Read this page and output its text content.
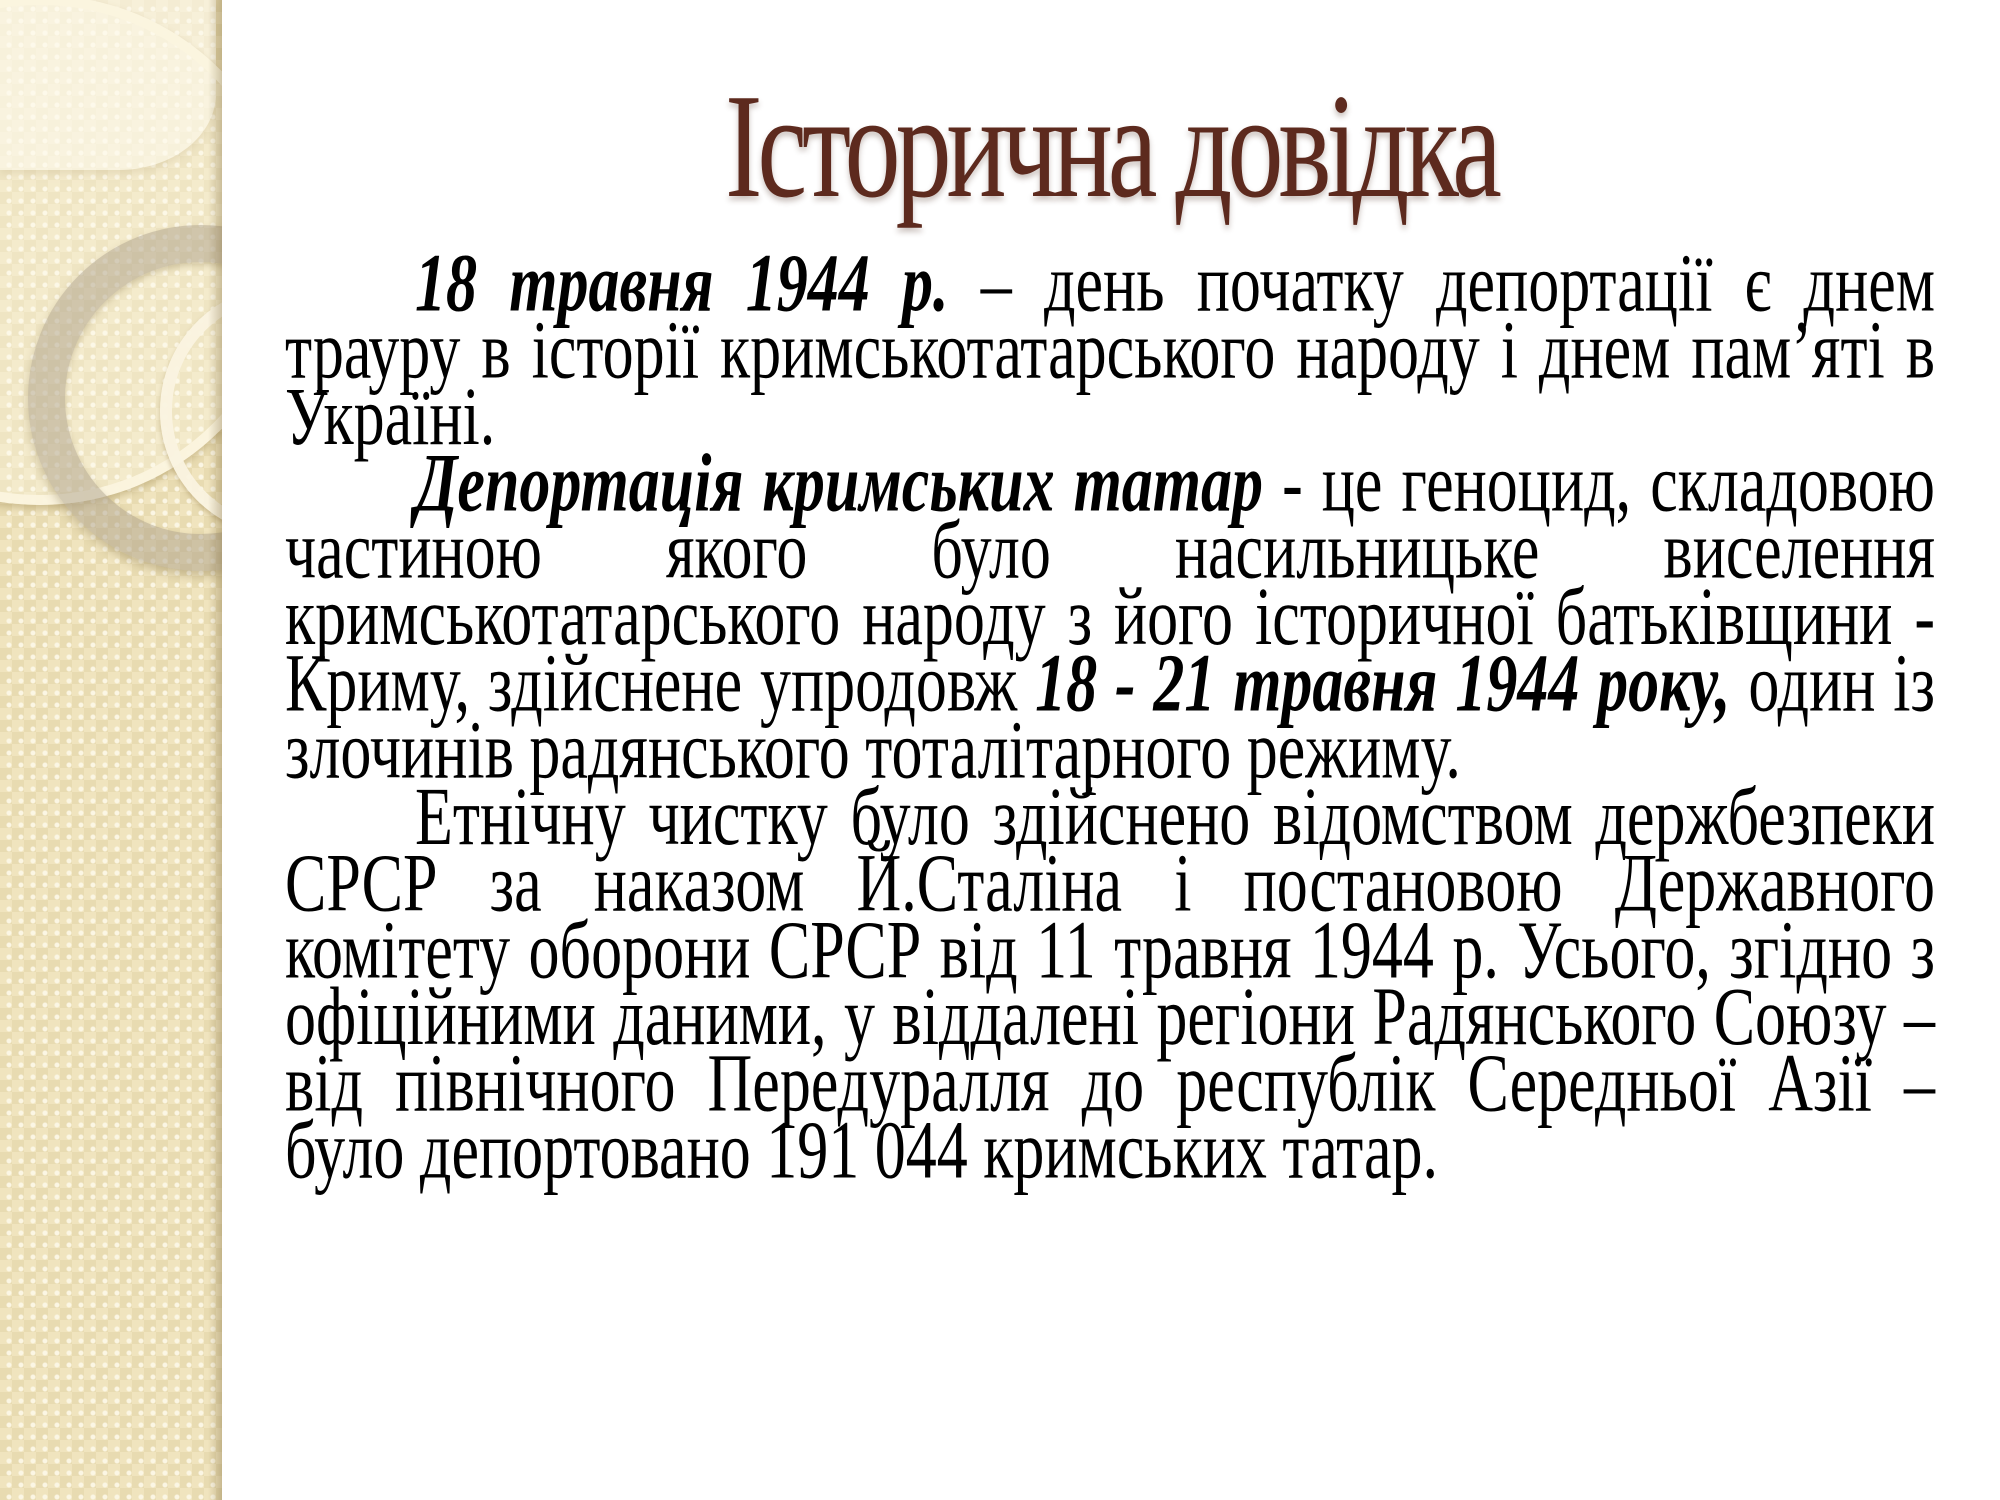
Історична довідка

18 травня 1944 р. – день початку депортації є днем трауру в історії кримськотатарського народу і днем пам’яті в Україні.

Депортація кримських татар - це геноцид, складовою частиною якого було насильницьке виселення кримськотатарського народу з його історичної батьківщини - Криму, здійснене упродовж 18 - 21 травня 1944 року, один із злочинів радянського тоталітарного режиму.

Етнічну чистку було здійснено відомством держбезпеки СРСР за наказом Й.Сталіна і постановою Державного комітету оборони СРСР від 11 травня 1944 р. Усього, згідно з офіційними даними, у віддалені регіони Радянського Союзу – від північного Передуралля до республік Середньої Азії – було депортовано 191 044 кримських татар.
